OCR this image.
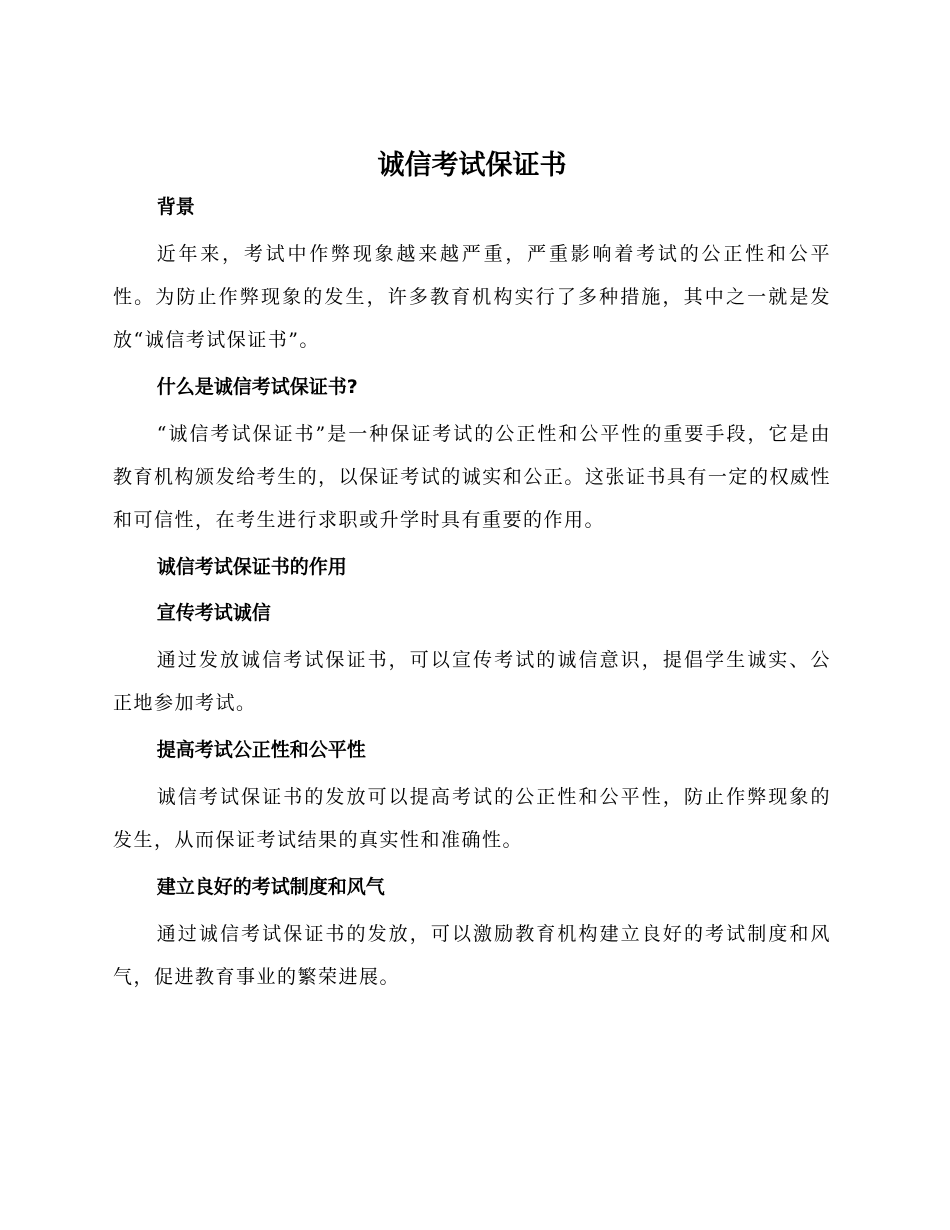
诚信考试保证书
背景
近年来，考试中作弊现象越来越严重，严重影响着考试的公正性和公平性。为防止作弊现象的发生，许多教育机构实行了多种措施，其中之一就是发放“诚信考试保证书”。
什么是诚信考试保证书?
“诚信考试保证书”是一种保证考试的公正性和公平性的重要手段，它是由教育机构颁发给考生的，以保证考试的诚实和公正。这张证书具有一定的权威性和可信性，在考生进行求职或升学时具有重要的作用。
诚信考试保证书的作用
宣传考试诚信
通过发放诚信考试保证书，可以宣传考试的诚信意识，提倡学生诚实、公正地参加考试。
提高考试公正性和公平性
诚信考试保证书的发放可以提高考试的公正性和公平性，防止作弊现象的发生，从而保证考试结果的真实性和准确性。
建立良好的考试制度和风气
通过诚信考试保证书的发放，可以激励教育机构建立良好的考试制度和风气，促进教育事业的繁荣进展。
